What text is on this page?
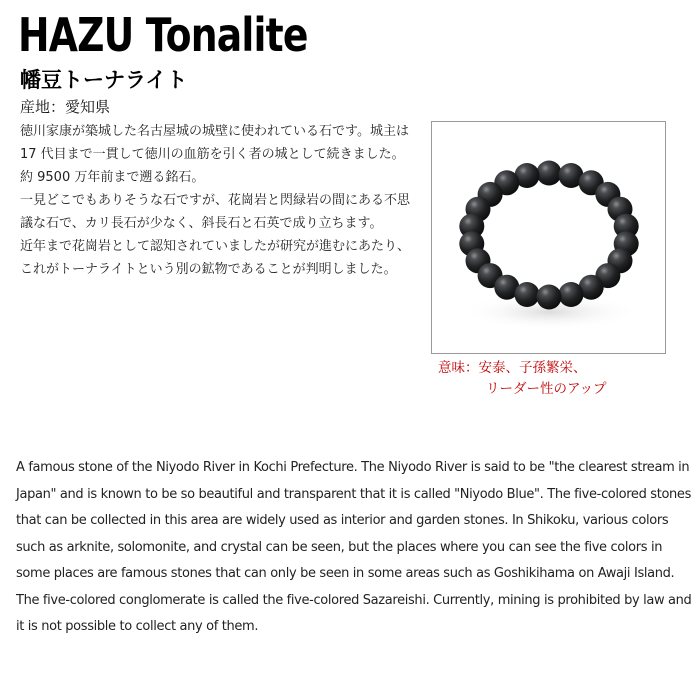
HAZU Tonalite
幡豆トーナライト
産地：愛知県

徳川家康が築城した名古屋城の城壁に使われている石です。城主は 17 代目まで一貫して徳川の血筋を引く者の城として続きました。

約 9500 万年前まで遡る銘石。

一見どこでもありそうな石ですが、花崗岩と閃緑岩の間にある不思議な石で、カリ長石が少なく、斜長石と石英で成り立ちます。

近年まで花崗岩として認知されていましたが研究が進むにあたり、これがトーナライトという別の鉱物であることが判明しました。

意味：安泰、子孫繁栄、
リーダー性のアップ
A famous stone of the Niyodo River in Kochi Prefecture. The Niyodo River is said to be "the clearest stream in Japan" and is known to be so beautiful and transparent that it is called "Niyodo Blue". The five-colored stones that can be collected in this area are widely used as interior and garden stones. In Shikoku, various colors such as arknite, solomonite, and crystal can be seen, but the places where you can see the five colors in some places are famous stones that can only be seen in some areas such as Goshikihama on Awaji Island. The five-colored conglomerate is called the five-colored Sazareishi. Currently, mining is prohibited by law and it is not possible to collect any of them.
